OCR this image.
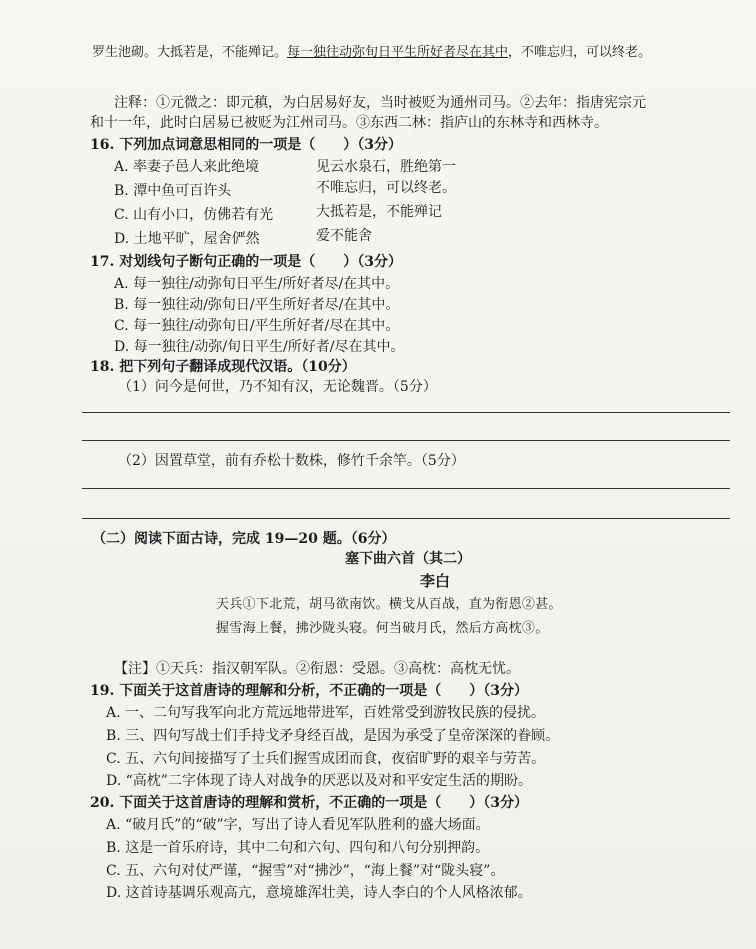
罗生池砌。大抵若是，不能殚记。每一独往动弥旬日平生所好者尽在其中，不唯忘归，可以终老。
注释：①元微之：即元稹，为白居易好友，当时被贬为通州司马。②去年：指唐宪宗元
和十一年，此时白居易已被贬为江州司马。③东西二林：指庐山的东林寺和西林寺。
16. 下列加点词意思相同的一项是（　　）（3分）
A. 率妻子邑人来此绝境	见云水泉石，胜绝第一
B. 潭中鱼可百许头	不唯忘归，可以终老。
C. 山有小口，仿佛若有光	大抵若是，不能殚记
D. 土地平旷，屋舍俨然	爱不能舍
17. 对划线句子断句正确的一项是（　　）（3分）
A. 每一独往/动弥旬日平生/所好者尽/在其中。
B. 每一独往动/弥旬日/平生所好者尽/在其中。
C. 每一独往/动弥旬日/平生所好者/尽在其中。
D. 每一独往/动弥/旬日平生/所好者/尽在其中。
18. 把下列句子翻译成现代汉语。（10分）
（1）问今是何世，乃不知有汉，无论魏晋。（5分）
（2）因置草堂，前有乔松十数株，修竹千余竿。（5分）
（二）阅读下面古诗，完成 19—20 题。（6分）
塞下曲六首（其二）
李白
天兵①下北荒，胡马欲南饮。横戈从百战，直为衔恩②甚。
握雪海上餐，拂沙陇头寝。何当破月氏，然后方高枕③。
【注】①天兵：指汉朝军队。②衔恩：受恩。③高枕：高枕无忧。
19. 下面关于这首唐诗的理解和分析，不正确的一项是（　　）（3分）
A. 一、二句写我军向北方荒远地带进军，百姓常受到游牧民族的侵扰。
B. 三、四句写战士们手持戈矛身经百战，是因为承受了皇帝深深的眷顾。
C. 五、六句间接描写了士兵们握雪成团而食，夜宿旷野的艰辛与劳苦。
D. “高枕”二字体现了诗人对战争的厌恶以及对和平安定生活的期盼。
20. 下面关于这首唐诗的理解和赏析，不正确的一项是（　　）（3分）
A. “破月氏”的“破”字，写出了诗人看见军队胜利的盛大场面。
B. 这是一首乐府诗，其中二句和六句、四句和八句分别押韵。
C. 五、六句对仗严谨，“握雪”对“拂沙”，“海上餐”对“陇头寝”。
D. 这首诗基调乐观高亢，意境雄浑壮美，诗人李白的个人风格浓郁。
